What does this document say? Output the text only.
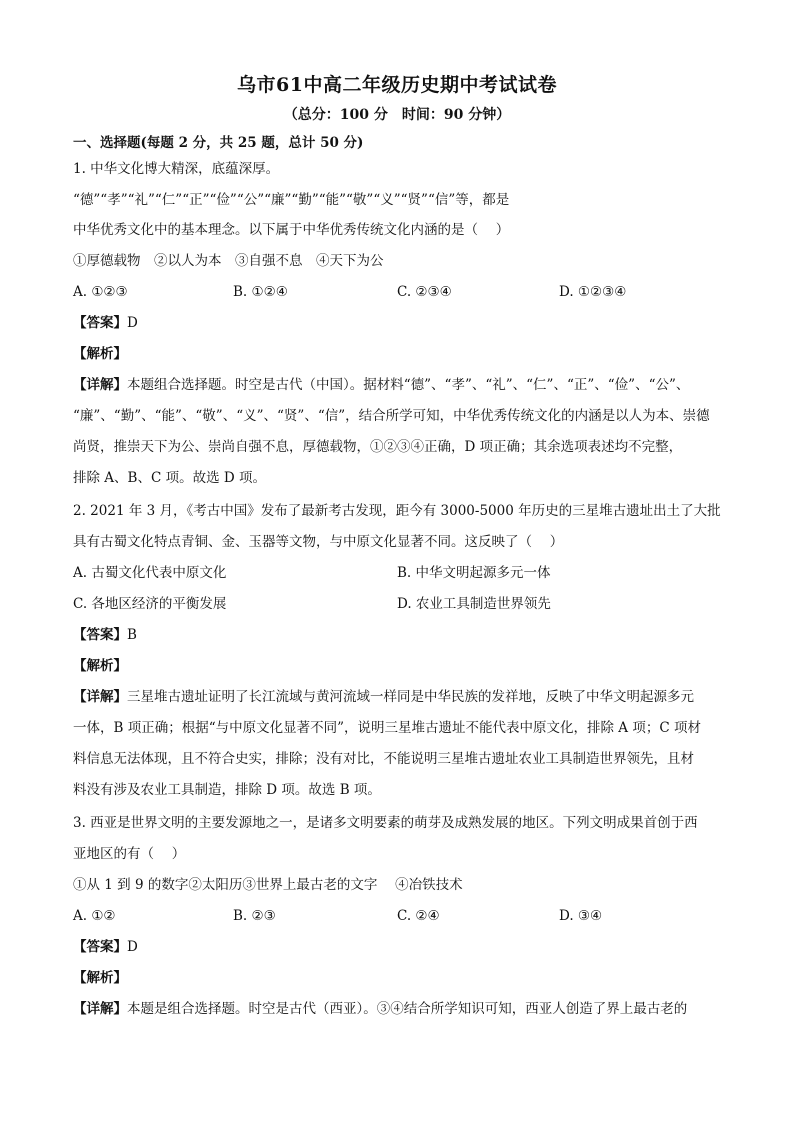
乌市61中高二年级历史期中考试试卷
（总分：100 分　时间：90 分钟）
一、选择题(每题 2 分，共 25 题，总计 50 分)
1. 中华文化博大精深，底蕴深厚。
“德”“孝”“礼”“仁”“正”“俭”“公”“廉”“勤”“能”“敬”“义”“贤”“信”等，都是
中华优秀文化中的基本理念。以下属于中华优秀传统文化内涵的是（　 ）
①厚德载物　②以人为本　③自强不息　④天下为公
A. ①②③	B. ①②④	C. ②③④	D. ①②③④
【答案】D
【解析】
【详解】本题组合选择题。时空是古代（中国）。据材料“德”、“孝”、“礼”、“仁”、“正”、“俭”、“公”、
“廉”、“勤”、“能”、“敬”、“义”、“贤”、“信”，结合所学可知，中华优秀传统文化的内涵是以人为本、崇德
尚贤，推崇天下为公、崇尚自强不息，厚德载物，①②③④正确，D 项正确；其余选项表述均不完整，
排除 A、B、C 项。故选 D 项。
2. 2021 年 3 月，《考古中国》发布了最新考古发现，距今有 3000-5000 年历史的三星堆古遗址出土了大批
具有古蜀文化特点青铜、金、玉器等文物，与中原文化显著不同。这反映了（　 ）
A. 古蜀文化代表中原文化	B. 中华文明起源多元一体
C. 各地区经济的平衡发展	D. 农业工具制造世界领先
【答案】B
【解析】
【详解】三星堆古遗址证明了长江流域与黄河流域一样同是中华民族的发祥地，反映了中华文明起源多元
一体，B 项正确；根据“与中原文化显著不同”，说明三星堆古遗址不能代表中原文化，排除 A 项；C 项材
料信息无法体现，且不符合史实，排除；没有对比，不能说明三星堆古遗址农业工具制造世界领先，且材
料没有涉及农业工具制造，排除 D 项。故选 B 项。
3. 西亚是世界文明的主要发源地之一，是诸多文明要素的萌芽及成熟发展的地区。下列文明成果首创于西
亚地区的有（　 ）
①从 1 到 9 的数字②太阳历③世界上最古老的文字　 ④冶铁技术
A. ①②	B. ②③	C. ②④	D. ③④
【答案】D
【解析】
【详解】本题是组合选择题。时空是古代（西亚）。③④结合所学知识可知，西亚人创造了界上最古老的
